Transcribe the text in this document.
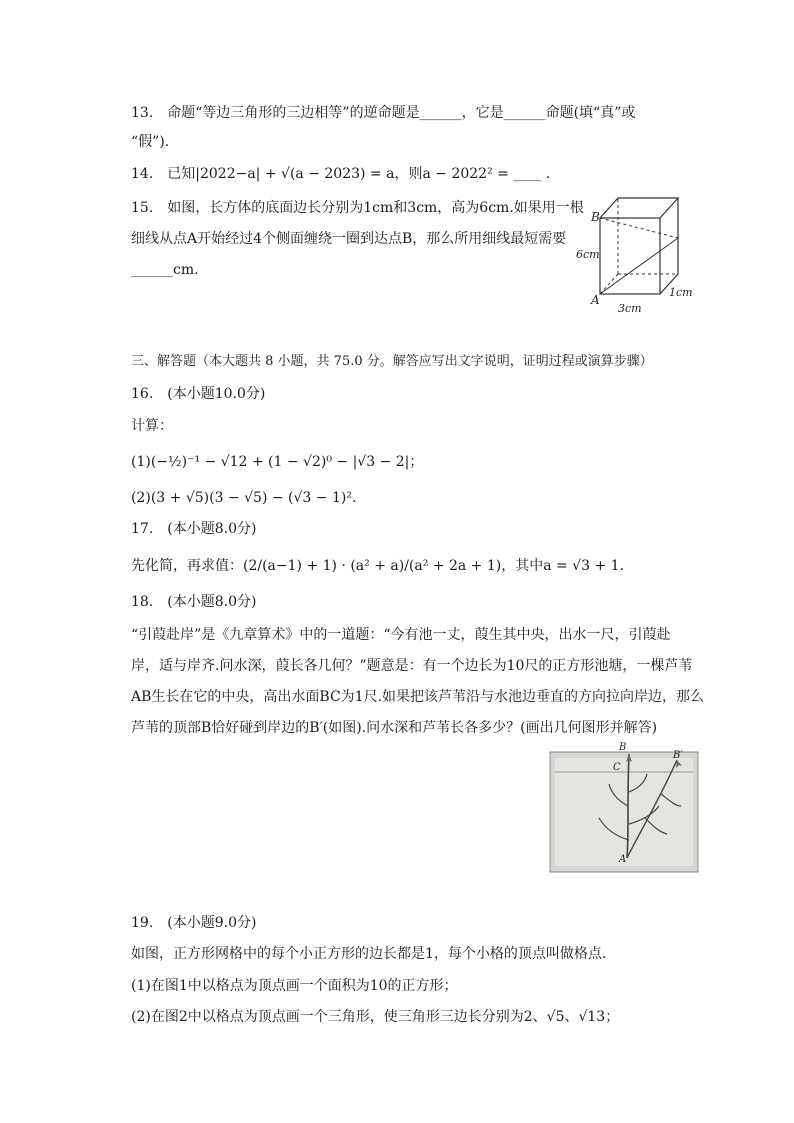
13.　命题“等边三角形的三边相等”的逆命题是______，它是______命题(填“真”或
“假”).
14.　已知|2022−a| + √(a − 2023) = a，则a − 2022² = ____ .
15.　如图，长方体的底面边长分别为1cm和3cm，高为6cm.如果用一根
细线从点A开始经过4个侧面缠绕一圈到达点B，那么所用细线最短需要
______cm.
B
A
6cm
3cm
1cm
三、解答题（本大题共 8 小题，共 75.0 分。解答应写出文字说明，证明过程或演算步骤）
16.　(本小题10.0分)
计算：
(1)(−½)⁻¹ − √12 + (1 − √2)⁰ − |√3 − 2|；
(2)(3 + √5)(3 − √5) − (√3 − 1)².
17.　(本小题8.0分)
先化简，再求值：(2/(a−1) + 1) · (a² + a)/(a² + 2a + 1)，其中a = √3 + 1.
18.　(本小题8.0分)
“引葭赴岸”是《九章算术》中的一道题：“今有池一丈，葭生其中央，出水一尺，引葭赴
岸，适与岸齐.问水深，葭长各几何？”题意是：有一个边长为10尺的正方形池塘，一棵芦苇
AB生长在它的中央，高出水面BC为1尺.如果把该芦苇沿与水池边垂直的方向拉向岸边，那么
芦苇的顶部B恰好碰到岸边的B′(如图).问水深和芦苇长各多少？(画出几何图形并解答)
B
B′
C
A
19.　(本小题9.0分)
如图，正方形网格中的每个小正方形的边长都是1，每个小格的顶点叫做格点.
(1)在图1中以格点为顶点画一个面积为10的正方形；
(2)在图2中以格点为顶点画一个三角形，使三角形三边长分别为2、√5、√13；
